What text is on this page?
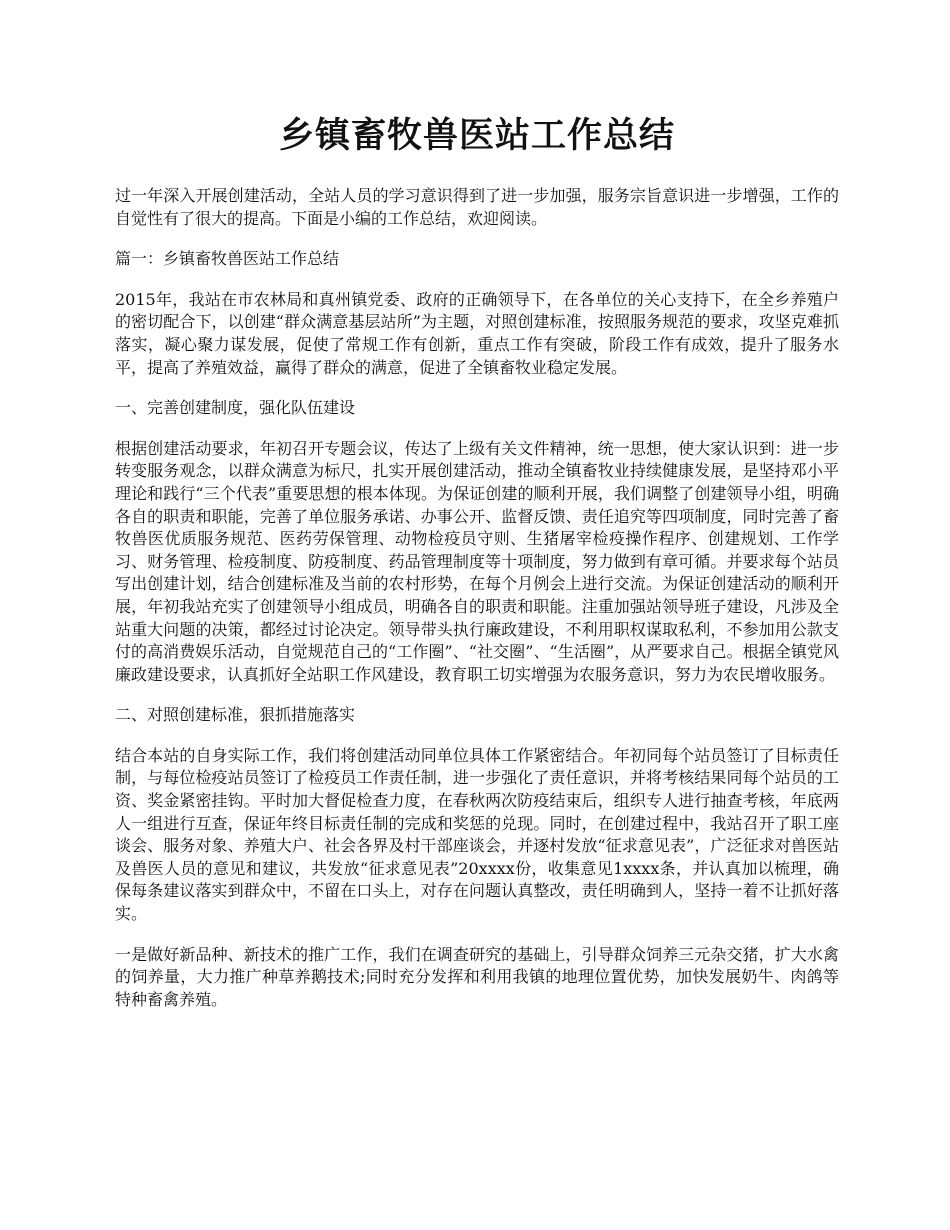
乡镇畜牧兽医站工作总结

过一年深入开展创建活动，全站人员的学习意识得到了进一步加强，服务宗旨意识进一步增强，工作的自觉性有了很大的提高。下面是小编的工作总结，欢迎阅读。

篇一：乡镇畜牧兽医站工作总结

2015年，我站在市农林局和真州镇党委、政府的正确领导下，在各单位的关心支持下，在全乡养殖户的密切配合下，以创建“群众满意基层站所”为主题，对照创建标准，按照服务规范的要求，攻坚克难抓落实，凝心聚力谋发展，促使了常规工作有创新，重点工作有突破，阶段工作有成效，提升了服务水平，提高了养殖效益，赢得了群众的满意，促进了全镇畜牧业稳定发展。

一、完善创建制度，强化队伍建设

根据创建活动要求，年初召开专题会议，传达了上级有关文件精神，统一思想，使大家认识到：进一步转变服务观念，以群众满意为标尺，扎实开展创建活动，推动全镇畜牧业持续健康发展，是坚持邓小平理论和践行“三个代表”重要思想的根本体现。为保证创建的顺利开展，我们调整了创建领导小组，明确各自的职责和职能，完善了单位服务承诺、办事公开、监督反馈、责任追究等四项制度，同时完善了畜牧兽医优质服务规范、医药劳保管理、动物检疫员守则、生猪屠宰检疫操作程序、创建规划、工作学习、财务管理、检疫制度、防疫制度、药品管理制度等十项制度，努力做到有章可循。并要求每个站员写出创建计划，结合创建标准及当前的农村形势，在每个月例会上进行交流。为保证创建活动的顺利开展，年初我站充实了创建领导小组成员，明确各自的职责和职能。注重加强站领导班子建设，凡涉及全站重大问题的决策，都经过讨论决定。领导带头执行廉政建设，不利用职权谋取私利，不参加用公款支付的高消费娱乐活动，自觉规范自己的“工作圈”、“社交圈”、“生活圈”，从严要求自己。根据全镇党风廉政建设要求，认真抓好全站职工作风建设，教育职工切实增强为农服务意识，努力为农民增收服务。

二、对照创建标准，狠抓措施落实

结合本站的自身实际工作，我们将创建活动同单位具体工作紧密结合。年初同每个站员签订了目标责任制，与每位检疫站员签订了检疫员工作责任制，进一步强化了责任意识，并将考核结果同每个站员的工资、奖金紧密挂钩。平时加大督促检查力度，在春秋两次防疫结束后，组织专人进行抽查考核，年底两人一组进行互查，保证年终目标责任制的完成和奖惩的兑现。同时，在创建过程中，我站召开了职工座谈会、服务对象、养殖大户、社会各界及村干部座谈会，并逐村发放“征求意见表”，广泛征求对兽医站及兽医人员的意见和建议，共发放“征求意见表”20xxxx份，收集意见1xxxx条，并认真加以梳理，确保每条建议落实到群众中，不留在口头上，对存在问题认真整改，责任明确到人，坚持一着不让抓好落实。

一是做好新品种、新技术的推广工作，我们在调查研究的基础上，引导群众饲养三元杂交猪，扩大水禽的饲养量，大力推广种草养鹅技术;同时充分发挥和利用我镇的地理位置优势，加快发展奶牛、肉鸽等特种畜禽养殖。
